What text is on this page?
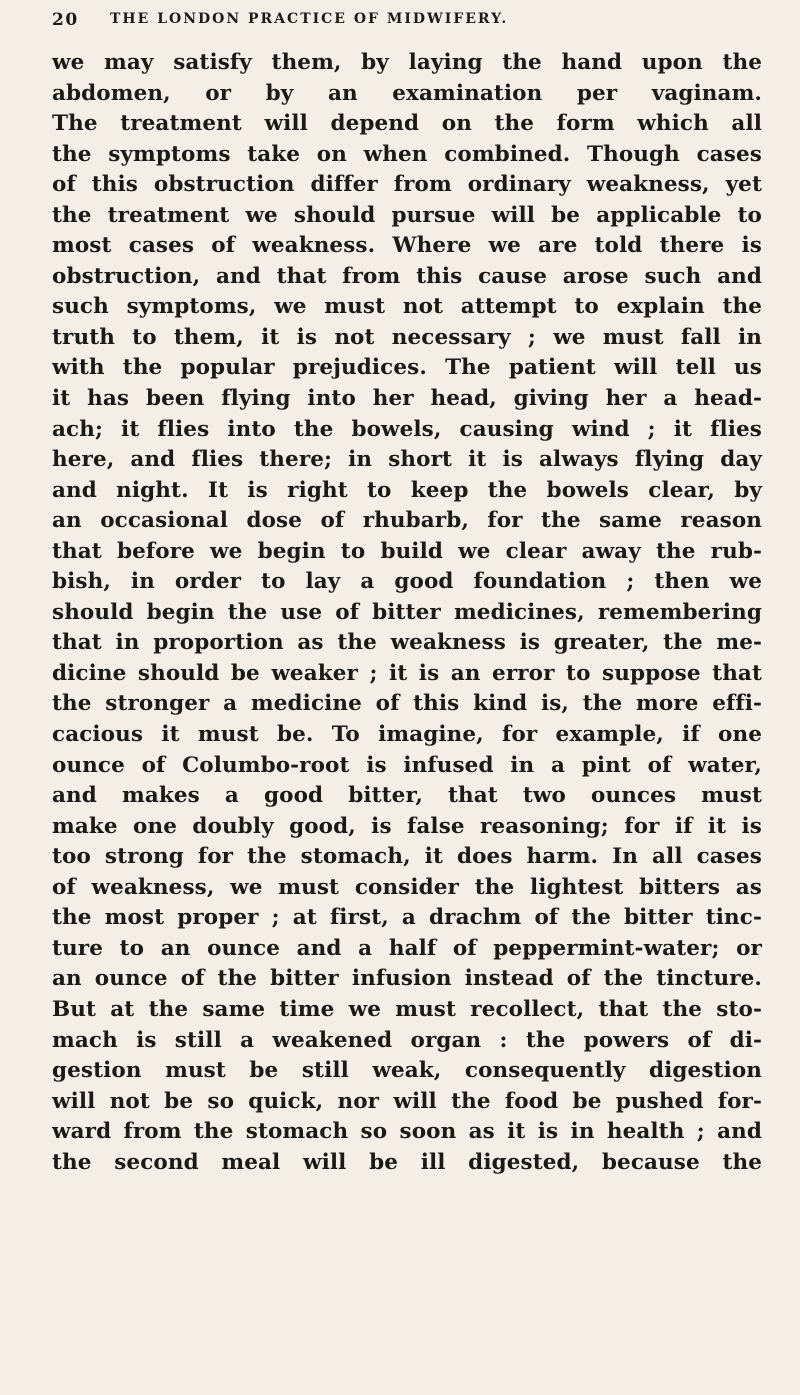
20 THE LONDON PRACTICE OF MIDWIFERY.
we may satisfy them, by laying the hand upon the
abdomen, or by an examination per vaginam.
The treatment will depend on the form which all
the symptoms take on when combined. Though cases
of this obstruction differ from ordinary weakness, yet
the treatment we should pursue will be applicable to
most cases of weakness. Where we are told there is
obstruction, and that from this cause arose such and
such symptoms, we must not attempt to explain the
truth to them, it is not necessary ; we must fall in
with the popular prejudices. The patient will tell us
it has been flying into her head, giving her a head-
ach; it flies into the bowels, causing wind ; it flies
here, and flies there; in short it is always flying day
and night. It is right to keep the bowels clear, by
an occasional dose of rhubarb, for the same reason
that before we begin to build we clear away the rub-
bish, in order to lay a good foundation ; then we
should begin the use of bitter medicines, remembering
that in proportion as the weakness is greater, the me-
dicine should be weaker ; it is an error to suppose that
the stronger a medicine of this kind is, the more effi-
cacious it must be. To imagine, for example, if one
ounce of Columbo-root is infused in a pint of water,
and makes a good bitter, that two ounces must
make one doubly good, is false reasoning; for if it is
too strong for the stomach, it does harm. In all cases
of weakness, we must consider the lightest bitters as
the most proper ; at first, a drachm of the bitter tinc-
ture to an ounce and a half of peppermint-water; or
an ounce of the bitter infusion instead of the tincture.
But at the same time we must recollect, that the sto-
mach is still a weakened organ : the powers of di-
gestion must be still weak, consequently digestion
will not be so quick, nor will the food be pushed for-
ward from the stomach so soon as it is in health ; and
the second meal will be ill digested, because the
